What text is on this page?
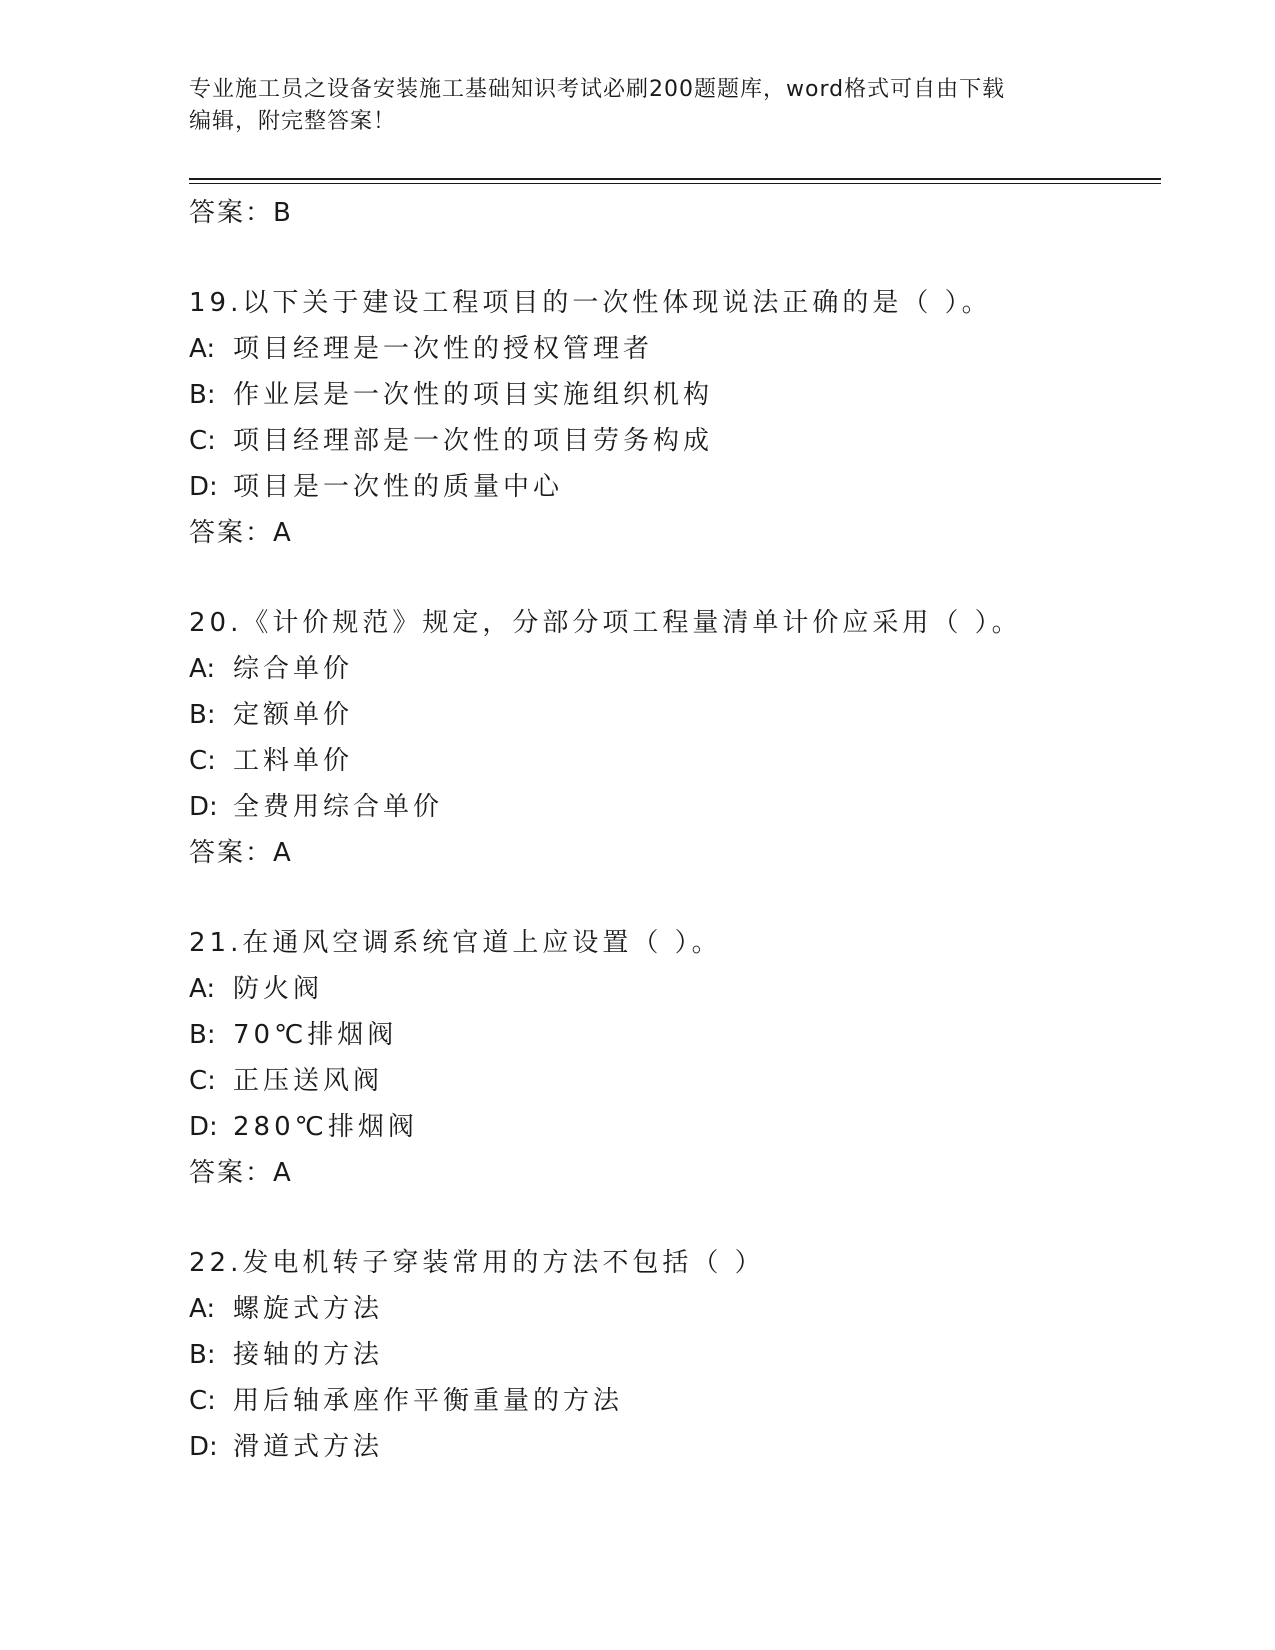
专业施工员之设备安装施工基础知识考试必刷200题题库，word格式可自由下载
编辑，附完整答案！
答案：B
19.以下关于建设工程项目的一次性体现说法正确的是（ ）。
A: 项目经理是一次性的授权管理者
B: 作业层是一次性的项目实施组织机构
C: 项目经理部是一次性的项目劳务构成
D: 项目是一次性的质量中心
答案：A
20.《计价规范》规定，分部分项工程量清单计价应采用（ ）。
A: 综合单价
B: 定额单价
C: 工料单价
D: 全费用综合单价
答案：A
21.在通风空调系统官道上应设置（ ）。
A: 防火阀
B: 70℃排烟阀
C: 正压送风阀
D: 280℃排烟阀
答案：A
22.发电机转子穿装常用的方法不包括（ ）
A: 螺旋式方法
B: 接轴的方法
C: 用后轴承座作平衡重量的方法
D: 滑道式方法
